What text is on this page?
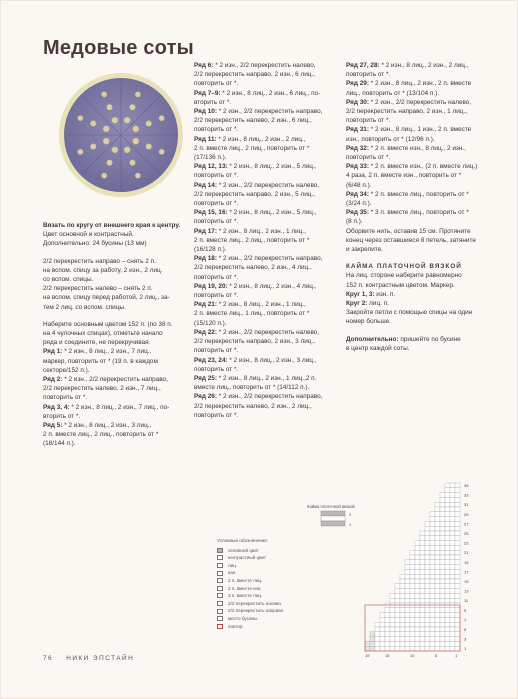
Медовые соты

Вязать по кругу от внешнего края к центру.

Цвет основной и контрастный.

Дополнительно: 24 бусины (13 мм)

2/2 перекрестить направо – снять 2 п.

на вспом. спицу за работу, 2 изн., 2 лиц.

со вспом. спицы.

2/2 перекрестить налево – снять 2 п.

на вспом. спицу перед работой, 2 лиц., за-

тем 2 лиц. со вспом. спицы.

Наберите основным цветом 152 п. (по 38 п.

на 4 чулочных спицах), отметьте начало

ряда и соедините, не перекручивая.

Ряд 1: * 2 изн., 8 лиц., 2 изн., 7 лиц.,

маркер, повторить от * (19 п. в каждом

секторе/152 п.).

Ряд 2: * 2 изн., 2/2 перекрестить направо,

2/2 перекрестить налево, 2 изн., 7 лиц.,

повторить от *.

Ряд 3, 4: * 2 изн., 8 лиц., 2 изн., 7 лиц., по-

вторить от *.

Ряд 5: * 2 изн., 8 лиц., 2 изн., 3 лиц.,

2 п. вместе лиц., 2 лиц., повторить от *

(18/144 п.).

Ряд 6: * 2 изн., 2/2 перекрестить налево,

2/2 перекрестить направо, 2 изн., 6 лиц.,

повторить от *.

Ряд 7–9: * 2 изн., 8 лиц., 2 изн., 6 лиц., по-

вторить от *.

Ряд 10: * 2 изн., 2/2 перекрестить направо,

2/2 перекрестить налево, 2 изн., 6 лиц.,

повторить от *.

Ряд 11: * 2 изн., 8 лиц., 2 изн., 2 лиц.,

2 п. вместе лиц., 2 лиц., повторить от *

(17/136 п.).

Ряд 12, 13: * 2 изн., 8 лиц., 2 изн., 5 лиц.,

повторить от *.

Ряд 14: * 2 изн., 2/2 перекрестить налево,

2/2 перекрестить направо, 2 изн., 5 лиц.,

повторить от *.

Ряд 15, 16: * 2 изн., 8 лиц., 2 изн., 5 лиц.,

повторить от *.

Ряд 17: * 2 изн., 8 лиц., 2 изн., 1 лиц.,

2 п. вместе лиц., 2 лиц., повторить от *

(16/128 п.).

Ряд 18: * 2 изн., 2/2 перекрестить направо,

2/2 перекрестить налево, 2 изн., 4 лиц.,

повторить от *.

Ряд 19, 20: * 2 изн., 8 лиц., 2 изн., 4 лиц.,

повторить от *.

Ряд 21: * 2 изн., 8 лиц., 2 изн., 1 лиц.,

2 п. вместе лиц., 1 лиц., повторить от *

(15/120 п.).

Ряд 22: * 2 изн., 2/2 перекрестить налево,

2/2 перекрестить направо, 2 изн., 3 лиц.,

повторить от *.

Ряд 23, 24: * 2 изн., 8 лиц., 2 изн., 3 лиц.,

повторить от *.

Ряд 25: * 2 изн., 8 лиц., 2 изн., 1 лиц.,2 п.

вместе лиц., повторить от * (14/112 п.).

Ряд 26: * 2 изн., 2/2 перекрестить направо,

2/2 перекрестить налево, 2 изн., 2 лиц.,

повторить от *.

Ряд 27, 28: * 2 изн., 8 лиц., 2 изн., 2 лиц.,

повторить от *.

Ряд 29: * 2 изн., 8 лиц., 2 изн., 2 п. вместе

лиц., повторить от * (13/104 п.).

Ряд 30: * 2 изн., 2/2 перекрестить налево,

2/2 перекрестить направо, 2 изн., 1 лиц.,

повторить от *.

Ряд 31: * 2 изн., 8 лиц., 1 изн., 2 п. вместе

изн., повторить от * (12/96 п.).

Ряд 32: * 2 п. вместе изн., 8 лиц., 2 изн.,

повторить от *.

Ряд 33: * 2 п. вместе изн., (2 п. вместе лиц.)

4 раза, 2 п. вместе изн., повторить от *

(6/48 п.).

Ряд 34: * 2 п. вместе лиц., повторить от *

(3/24 п.).

Ряд 35: * 3 п. вместе лиц., повторить от *

(8 п.).

Оборвите нить, оставив 15 см. Протяните

конец через оставшиеся 8 петель, затяните

и закрепите.

КАЙМА ПЛАТОЧНОЙ ВЯЗКОЙ

На лиц. стороне наберите равномерно

152 п. контрастным цветом. Маркер.

Круг 1, 3: изн. п.

Круг 2: лиц. п.

Закройте петли с помощью спицы на один

номер больше.

Дополнительно: пришейте по бусине

в центр каждой соты.

Кайма платочной вязкой
3
1
Условные обозначения:
основной цвет
контрастный цвет
лиц.
изн.
2 п. вместе лиц.
2 п. вместе изн.
3 п. вместе лиц.
2/2 перекрестить налево
2/2 перекрестить направо
место бусины
повтор
35
33
31
29
27
25
23
21
19
17
15
13
11
9
7
5
3
1
19	15	10	5	1
76 НИКИ ЭПСТАЙН
